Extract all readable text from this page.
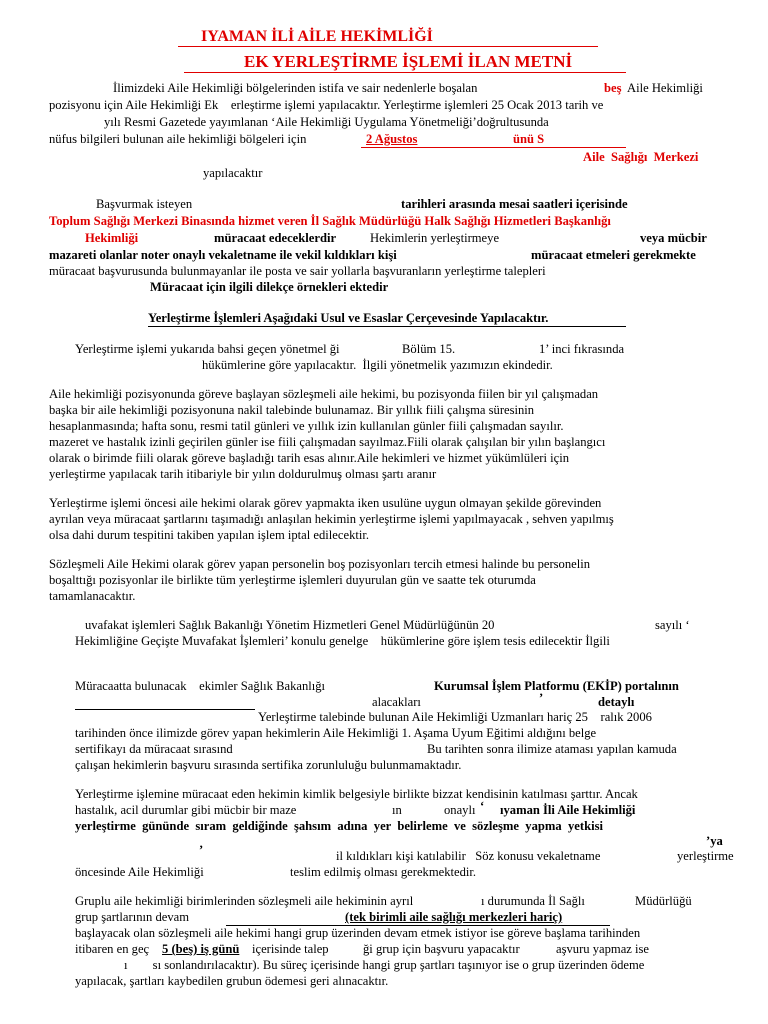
IYAMAN İLİ AİLE HEKİMLİĞİ
EK YERLEŞTİRME İŞLEMİ İLAN METNİ
İlimizdeki Aile Hekimliği bölgelerinden istifa ve sair nedenlerle boşalan	beş Aile Hekimliği
pozisyonu için Aile Hekimliği Ek    erleştirme işlemi yapılacaktır. Yerleştirme işlemleri 25 Ocak 2013 tarih ve
yılı Resmi Gazetede yayımlanan ‘Aile Hekimliği Uygulama Yönetmeliği’doğrultusunda
nüfus bilgileri bulunan aile hekimliği bölgeleri için	2 Ağustos	ünü S
Aile  Sağlığı  Merkezi
yapılacaktır
Başvurmak isteyen	tarihleri arasında mesai saatleri içerisinde
Toplum Sağlığı Merkezi Binasında hizmet veren İl Sağlık Müdürlüğü Halk Sağlığı Hizmetleri Başkanlığı
Hekimliği	müracaat edeceklerdir	Hekimlerin yerleştirmeye	veya mücbir
mazareti olanlar noter onaylı vekaletname ile vekil kıldıkları kişi	müracaat etmeleri gerekmekte
müracaat başvurusunda bulunmayanlar ile posta ve sair yollarla başvuranların yerleştirme talepleri
Müracaat için ilgili dilekçe örnekleri ektedir
Yerleştirme İşlemleri Aşağıdaki Usul ve Esaslar Çerçevesinde Yapılacaktır.
Yerleştirme işlemi yukarıda bahsi geçen yönetmel ği	Bölüm 15.	1’ inci fıkrasında
hükümlerine göre yapılacaktır.  İlgili yönetmelik yazımızın ekindedir.
Aile hekimliği pozisyonunda göreve başlayan sözleşmeli aile hekimi, bu pozisyonda fiilen bir yıl çalışmadan
başka bir aile hekimliği pozisyonuna nakil talebinde bulunamaz. Bir yıllık fiili çalışma süresinin
hesaplanmasında; hafta sonu, resmi tatil günleri ve yıllık izin kullanılan günler fiili çalışmadan sayılır.
mazeret ve hastalık izinli geçirilen günler ise fiili çalışmadan sayılmaz.Fiili olarak çalışılan bir yılın başlangıcı
olarak o birimde fiili olarak göreve başladığı tarih esas alınır.Aile hekimleri ve hizmet yükümlüleri için
yerleştirme yapılacak tarih itibariyle bir yılın doldurulmuş olması şartı aranır
Yerleştirme işlemi öncesi aile hekimi olarak görev yapmakta iken usulüne uygun olmayan şekilde görevinden
ayrılan veya müracaat şartlarını taşımadığı anlaşılan hekimin yerleştirme işlemi yapılmayacak , sehven yapılmış
olsa dahi durum tespitini takiben yapılan işlem iptal edilecektir.
Sözleşmeli Aile Hekimi olarak görev yapan personelin boş pozisyonları tercih etmesi halinde bu personelin
boşalttığı pozisyonlar ile birlikte tüm yerleştirme işlemleri duyurulan gün ve saatte tek oturumda
tamamlanacaktır.
uvafakat işlemleri Sağlık Bakanlığı Yönetim Hizmetleri Genel Müdürlüğünün 20	sayılı ‘
Hekimliğine Geçişte Muvafakat İşlemleri’ konulu genelge    hükümlerine göre işlem tesis edilecektir İlgili
Müracaatta bulunacak    ekimler Sağlık Bakanlığı	Kurumsal İşlem Platformu (EKİP) portalının
alacakları	’	detaylı
Yerleştirme talebinde bulunan Aile Hekimliği Uzmanları hariç 25    ralık 2006
tarihinden önce ilimizde görev yapan hekimlerin Aile Hekimliği 1. Aşama Uyum Eğitimi aldığını belge
sertifikayı da müracaat sırasınd	Bu tarihten sonra ilimize ataması yapılan kamuda
çalışan hekimlerin başvuru sırasında sertifika zorunluluğu bulunmamaktadır.
Yerleştirme işlemine müracaat eden hekimin kimlik belgesiyle birlikte bizzat kendisinin katılması şarttır. Ancak
hastalık, acil durumlar gibi mücbir bir maze	ın	onaylı ‘ ıyaman İli Aile Hekimliği
yerleştirme  gününde  sıram  geldiğinde  şahsım  adına  yer  belirleme  ve  sözleşme  yapma  yetkisi
’ya
’	il kıldıkları kişi katılabilir   Söz konusu vekaletname	yerleştirme
öncesinde Aile Hekimliği	teslim edilmiş olması gerekmektedir.
Gruplu aile hekimliği birimlerinden sözleşmeli aile hekiminin ayrıl	ı durumunda İl Sağlı	Müdürlüğü
grup şartlarının devam	(tek birimli aile sağlığı merkezleri hariç)
başlayacak olan sözleşmeli aile hekimi hangi grup üzerinden devam etmek istiyor ise göreve başlama tarihinden
itibaren en geç 5 (beş) iş günü içerisinde talep	ği grup için başvuru yapacaktır	aşvuru yapmaz ise
ı        sı sonlandırılacaktır). Bu süreç içerisinde hangi grup şartları taşınıyor ise o grup üzerinden ödeme
yapılacak, şartları kaybedilen grubun ödemesi geri alınacaktır.
